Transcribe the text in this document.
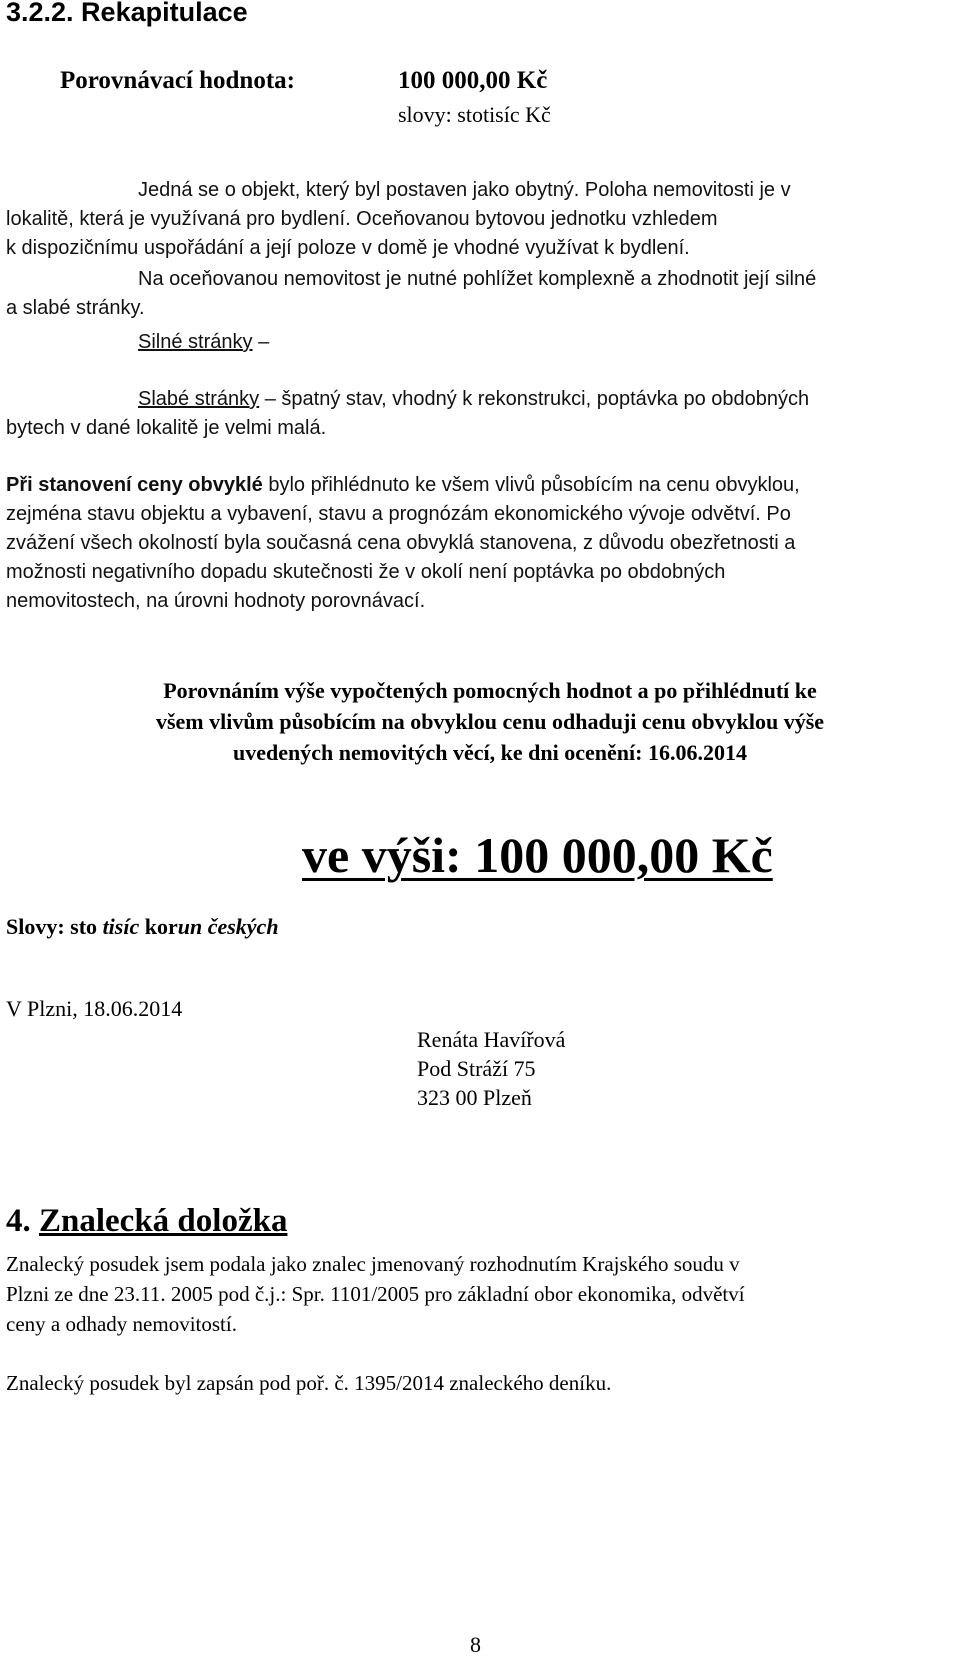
3.2.2. Rekapitulace
Porovnávací hodnota:	100 000,00 Kč
slovy: stotisíc Kč
Jedná se o objekt, který byl postaven jako obytný. Poloha nemovitosti je v
lokalitě, která je využívaná pro bydlení. Oceňovanou bytovou jednotku vzhledem
k dispozičnímu uspořádání a její poloze v domě je vhodné využívat k bydlení.
Na oceňovanou nemovitost je nutné pohlížet komplexně a zhodnotit její silné
a slabé stránky.
Silné stránky –
Slabé stránky – špatný stav, vhodný k rekonstrukci, poptávka po obdobných
bytech v dané lokalitě je velmi malá.
Při stanovení ceny obvyklé bylo přihlédnuto ke všem vlivů působícím na cenu obvyklou,
zejména stavu objektu a vybavení, stavu a prognózám ekonomického vývoje odvětví. Po
zvážení všech okolností byla současná cena obvyklá stanovena, z důvodu obezřetnosti a
možnosti negativního dopadu skutečnosti že v okolí není poptávka po obdobných
nemovitostech, na úrovni hodnoty porovnávací.
Porovnáním výše vypočtených pomocných hodnot a po přihlédnutí ke
všem vlivům působícím na obvyklou cenu odhaduji cenu obvyklou výše
uvedených nemovitých věcí, ke dni ocenění: 16.06.2014
ve výši: 100 000,00 Kč
Slovy: sto tisíc korun českých
V Plzni, 18.06.2014
Renáta Havířová
Pod Stráží 75
323 00 Plzeň
4. Znalecká doložka
Znalecký posudek jsem podala jako znalec jmenovaný rozhodnutím Krajského soudu v
Plzni ze dne 23.11. 2005 pod č.j.: Spr. 1101/2005 pro základní obor ekonomika, odvětví
ceny a odhady nemovitostí.
Znalecký posudek byl zapsán pod poř. č. 1395/2014 znaleckého deníku.
8
